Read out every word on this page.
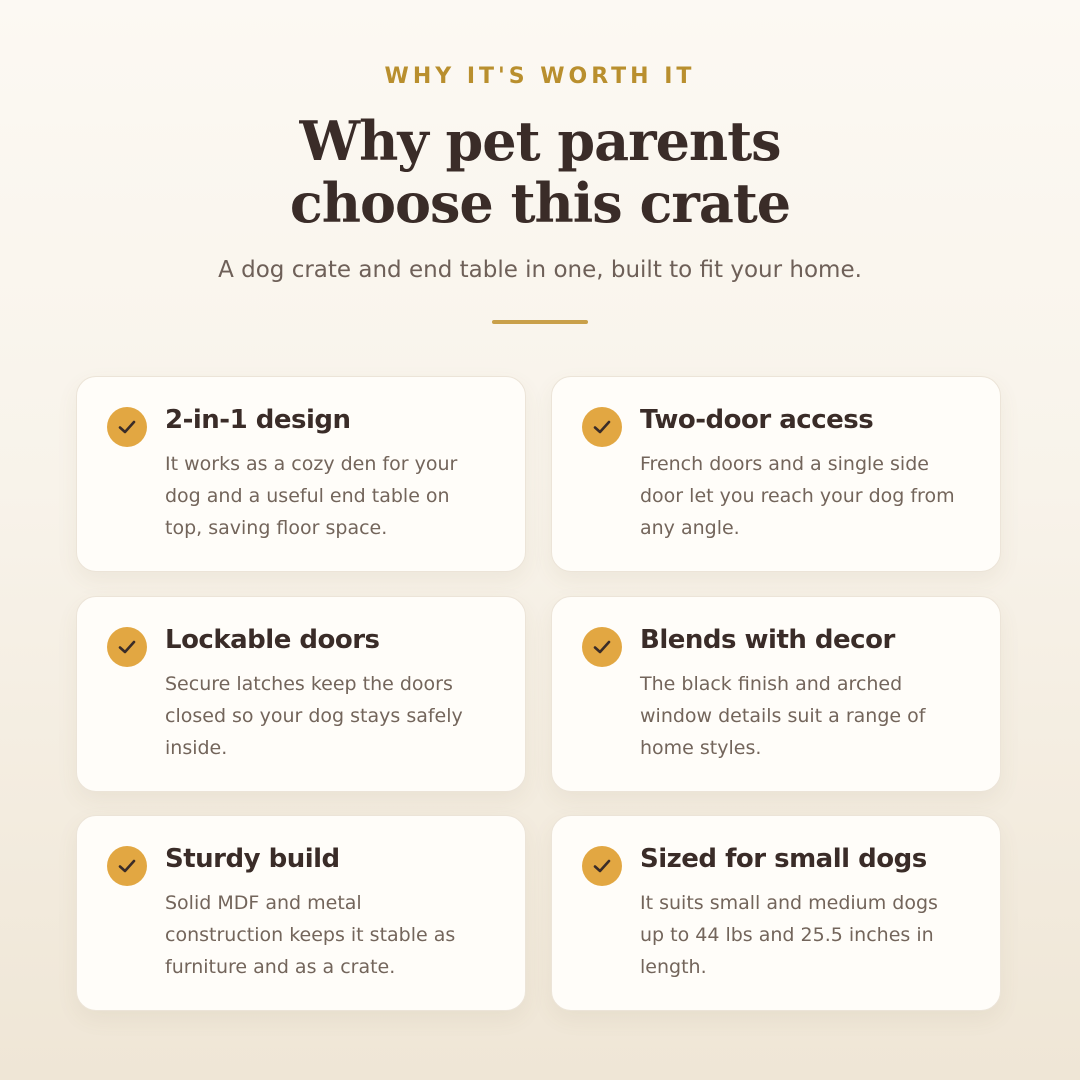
WHY IT'S WORTH IT
Why pet parents
choose this crate
A dog crate and end table in one, built to fit your home.
2-in-1 design
It works as a cozy den for your
dog and a useful end table on
top, saving floor space.
Two-door access
French doors and a single side
door let you reach your dog from
any angle.
Lockable doors
Secure latches keep the doors
closed so your dog stays safely
inside.
Blends with decor
The black finish and arched
window details suit a range of
home styles.
Sturdy build
Solid MDF and metal
construction keeps it stable as
furniture and as a crate.
Sized for small dogs
It suits small and medium dogs
up to 44 lbs and 25.5 inches in
length.
